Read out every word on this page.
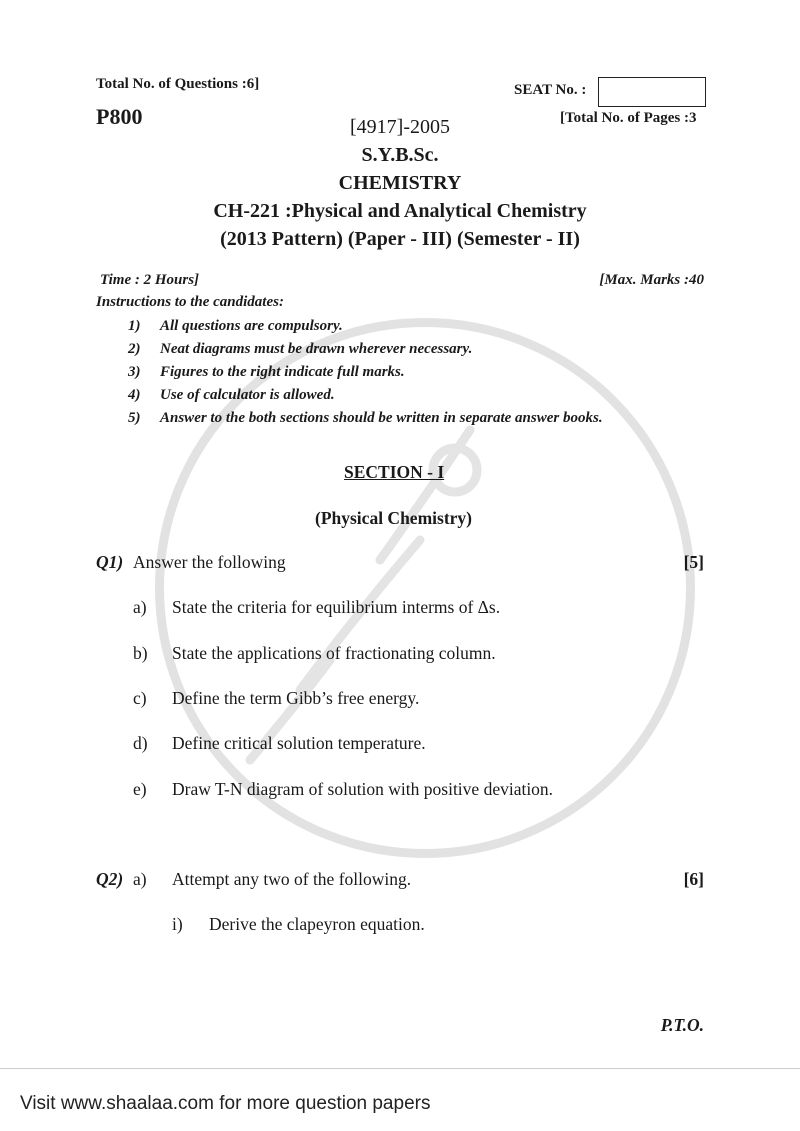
Total No. of Questions :6]	SEAT No. :
P800	[Total No. of Pages :3
[4917]-2005
S.Y.B.Sc.
CHEMISTRY
CH-221 :Physical and Analytical Chemistry
(2013 Pattern) (Paper - III) (Semester - II)
Time : 2 Hours]	[Max. Marks :40
Instructions to the candidates:
1) All questions are compulsory.
2) Neat diagrams must be drawn wherever necessary.
3) Figures to the right indicate full marks.
4) Use of calculator is allowed.
5) Answer to the both sections should be written in separate answer books.
SECTION - I
(Physical Chemistry)
Q1) Answer the following	[5]
a) State the criteria for equilibrium interms of Δs.
b) State the applications of fractionating column.
c) Define the term Gibb’s free energy.
d) Define critical solution temperature.
e) Draw T-N diagram of solution with positive deviation.
Q2) a) Attempt any two of the following.	[6]
i) Derive the clapeyron equation.
P.T.O.
Visit www.shaalaa.com for more question papers
